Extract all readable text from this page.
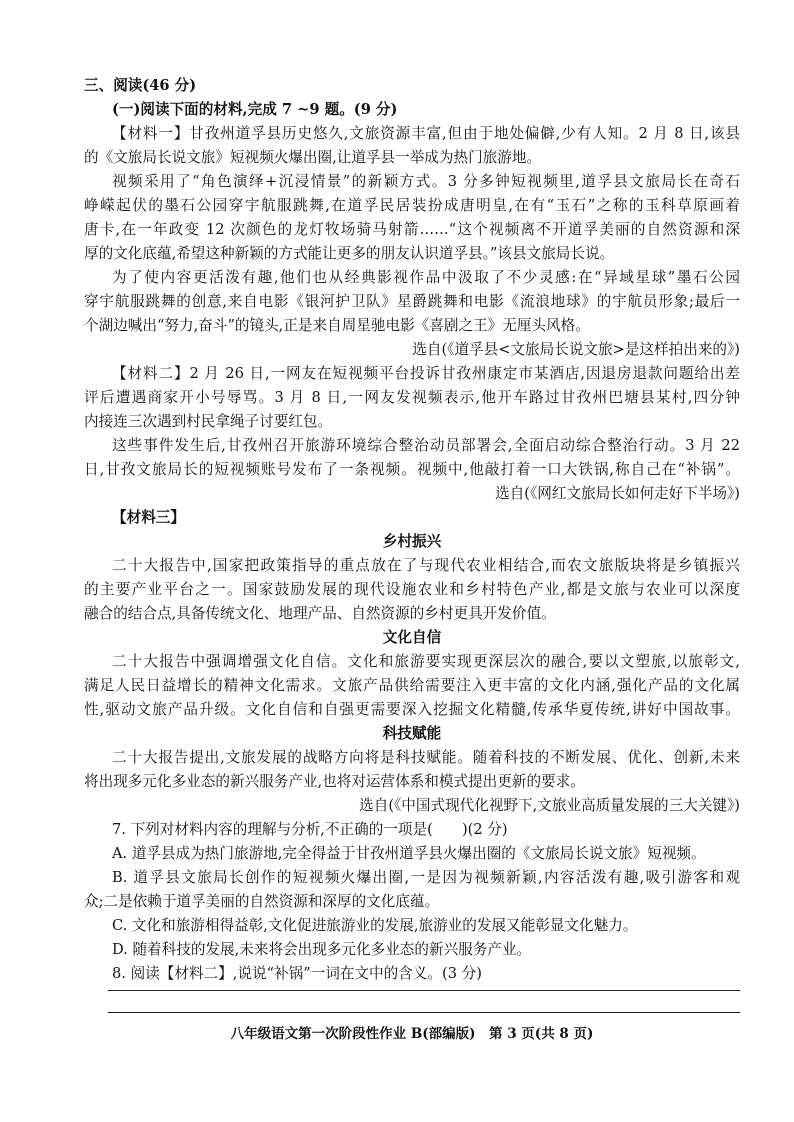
三、阅读(46 分)
(一)阅读下面的材料,完成 7 ~9 题。(9 分)
【材料一】甘孜州道孚县历史悠久,文旅资源丰富,但由于地处偏僻,少有人知。2 月 8 日,该县
的《文旅局长说文旅》短视频火爆出圈,让道孚县一举成为热门旅游地。
视频采用了“角色演绎+沉浸情景”的新颖方式。3 分多钟短视频里,道孚县文旅局长在奇石
峥嵘起伏的墨石公园穿宇航服跳舞,在道孚民居装扮成唐明皇,在有“玉石”之称的玉科草原画着
唐卡,在一年政变 12 次颜色的龙灯牧场骑马射箭……“这个视频离不开道孚美丽的自然资源和深
厚的文化底蕴,希望这种新颖的方式能让更多的朋友认识道孚县。”该县文旅局长说。
为了使内容更活泼有趣,他们也从经典影视作品中汲取了不少灵感:在“异域星球”墨石公园
穿宇航服跳舞的创意,来自电影《银河护卫队》星爵跳舞和电影《流浪地球》的宇航员形象;最后一
个湖边喊出“努力,奋斗”的镜头,正是来自周星驰电影《喜剧之王》无厘头风格。
选自(《道孚县<文旅局长说文旅>是这样拍出来的》)
【材料二】2 月 26 日,一网友在短视频平台投诉甘孜州康定市某酒店,因退房退款问题给出差
评后遭遇商家开小号辱骂。3 月 8 日,一网友发视频表示,他开车路过甘孜州巴塘县某村,四分钟
内接连三次遇到村民拿绳子讨要红包。
这些事件发生后,甘孜州召开旅游环境综合整治动员部署会,全面启动综合整治行动。3 月 22
日,甘孜文旅局长的短视频账号发布了一条视频。视频中,他敲打着一口大铁锅,称自己在“补锅”。
选自(《网红文旅局长如何走好下半场》)
【材料三】
乡村振兴
二十大报告中,国家把政策指导的重点放在了与现代农业相结合,而农文旅版块将是乡镇振兴
的主要产业平台之一。国家鼓励发展的现代设施农业和乡村特色产业,都是文旅与农业可以深度
融合的结合点,具备传统文化、地理产品、自然资源的乡村更具开发价值。
文化自信
二十大报告中强调增强文化自信。文化和旅游要实现更深层次的融合,要以文塑旅,以旅彰文,
满足人民日益增长的精神文化需求。文旅产品供给需要注入更丰富的文化内涵,强化产品的文化属
性,驱动文旅产品升级。文化自信和自强更需要深入挖掘文化精髓,传承华夏传统,讲好中国故事。
科技赋能
二十大报告提出,文旅发展的战略方向将是科技赋能。随着科技的不断发展、优化、创新,未来
将出现多元化多业态的新兴服务产业,也将对运营体系和模式提出更新的要求。
选自(《中国式现代化视野下,文旅业高质量发展的三大关键》)
7. 下列对材料内容的理解与分析,不正确的一项是(　　)(2 分)
A. 道孚县成为热门旅游地,完全得益于甘孜州道孚县火爆出圈的《文旅局长说文旅》短视频。
B. 道孚县文旅局长创作的短视频火爆出圈,一是因为视频新颖,内容活泼有趣,吸引游客和观
众;二是依赖于道孚美丽的自然资源和深厚的文化底蕴。
C. 文化和旅游相得益彰,文化促进旅游业的发展,旅游业的发展又能彰显文化魅力。
D. 随着科技的发展,未来将会出现多元化多业态的新兴服务产业。
8. 阅读【材料二】,说说“补锅”一词在文中的含义。(3 分)
八年级语文第一次阶段性作业 B(部编版)　第 3 页(共 8 页)
